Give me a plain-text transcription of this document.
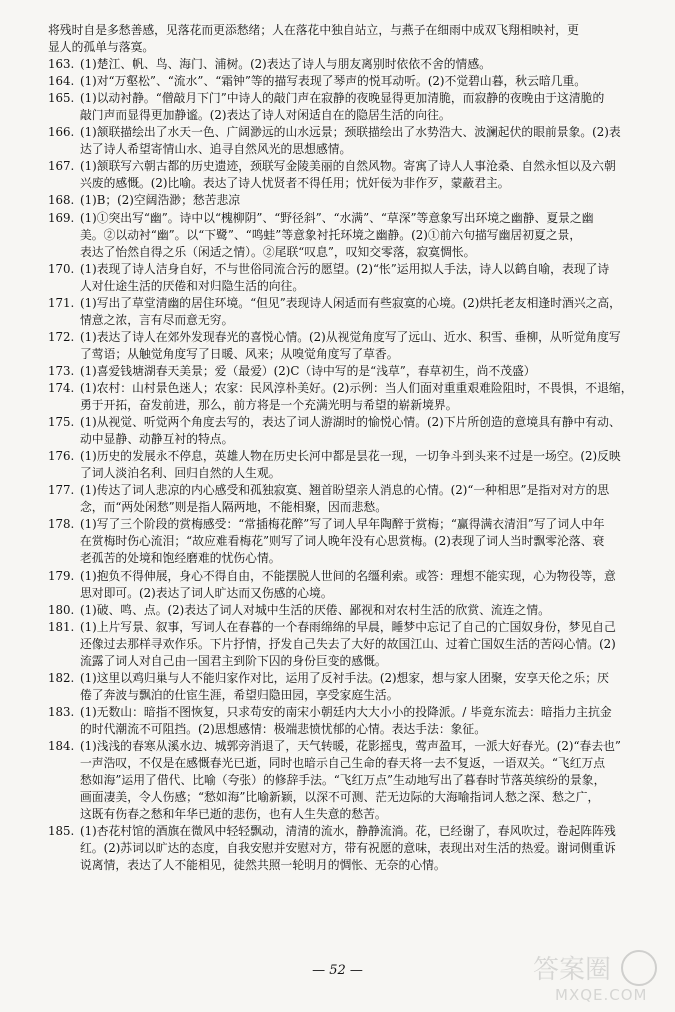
将残时自是多愁善感，见落花而更添愁绪；人在落花中独自站立，与燕子在细雨中成双飞翔相映衬，更
显人的孤单与落寞。
163. (1)楚江、帆、鸟、海门、浦树。(2)表达了诗人与朋友离别时依依不舍的情感。
164. (1)对“万壑松”、“流水”、“霜钟”等的描写表现了琴声的悦耳动听。(2)不觉碧山暮，秋云暗几重。
165. (1)以动衬静。“僧敲月下门”中诗人的敲门声在寂静的夜晚显得更加清脆，而寂静的夜晚由于这清脆的
敲门声而显得更加静谧。(2)表达了诗人对闲适自在的隐居生活的向往。
166. (1)颔联描绘出了水天一色、广阔渺远的山水远景；颈联描绘出了水势浩大、波澜起伏的眼前景象。(2)表
达了诗人希望寄情山水、追寻自然风光的思想感情。
167. (1)颔联写六朝古都的历史遗迹，颈联写金陵美丽的自然风物。寄寓了诗人人事沧桑、自然永恒以及六朝
兴废的感慨。(2)比喻。表达了诗人忧贤者不得任用；忧奸佞为非作歹，蒙蔽君主。
168. (1)B；(2)空阔浩渺；愁苦悲凉
169. (1)①突出写“幽”。诗中以“槐柳阴”、“野径斜”、“水满”、“草深”等意象写出环境之幽静、夏景之幽
美。②以动衬“幽”。以“下鹭”、“鸣蛙”等意象衬托环境之幽静。(2)①前六句描写幽居初夏之景，
表达了怡然自得之乐（闲适之情）。②尾联“叹息”，叹知交零落，寂寞惆怅。
170. (1)表现了诗人洁身自好，不与世俗同流合污的愿望。(2)“怅”运用拟人手法，诗人以鹤自喻，表现了诗
人对仕途生活的厌倦和对归隐生活的向往。
171. (1)写出了草堂清幽的居住环境。“但见”表现诗人闲适而有些寂寞的心境。(2)烘托老友相逢时酒兴之高，
情意之浓，言有尽而意无穷。
172. (1)表达了诗人在郊外发现春光的喜悦心情。(2)从视觉角度写了远山、近水、积雪、垂柳，从听觉角度写
了莺语；从触觉角度写了日暖、风来；从嗅觉角度写了草香。
173. (1)喜爱钱塘湖春天美景；爱（最爱）(2)C（诗中写的是“浅草”，春草初生，尚不茂盛）
174. (1)农村：山村景色迷人；农家：民风淳朴美好。(2)示例：当人们面对重重艰难险阻时，不畏惧，不退缩，
勇于开拓，奋发前进，那么，前方将是一个充满光明与希望的崭新境界。
175. (1)从视觉、听觉两个角度去写的，表达了词人游湖时的愉悦心情。(2)下片所创造的意境具有静中有动、
动中显静、动静互衬的特点。
176. (1)历史的发展永不停息，英雄人物在历史长河中都是昙花一现，一切争斗到头来不过是一场空。(2)反映
了词人淡泊名利、回归自然的人生观。
177. (1)传达了词人悲凉的内心感受和孤独寂寞、翘首盼望亲人消息的心情。(2)“一种相思”是指对对方的思
念，而“两处闲愁”则是指人隔两地，不能相聚，因而悲愁。
178. (1)写了三个阶段的赏梅感受：“常插梅花醉”写了词人早年陶醉于赏梅；“赢得满衣清泪”写了词人中年
在赏梅时伤心流泪；“故应难看梅花”则写了词人晚年没有心思赏梅。(2)表现了词人当时飘零沦落、衰
老孤苦的处境和饱经磨难的忧伤心情。
179. (1)抱负不得伸展，身心不得自由，不能摆脱人世间的名缰利索。或答：理想不能实现，心为物役等，意
思对即可。(2)表达了词人旷达而又伤感的心境。
180. (1)破、鸣、点。(2)表达了词人对城中生活的厌倦、鄙视和对农村生活的欣赏、流连之情。
181. (1)上片写景、叙事，写词人在春暮的一个春雨绵绵的早晨，睡梦中忘记了自己的亡国奴身份，梦见自己
还像过去那样寻欢作乐。下片抒情，抒发自己失去了大好的故国江山、过着亡国奴生活的苦闷心情。(2)
流露了词人对自己由一国君主到阶下囚的身份巨变的感慨。
182. (1)这里以鸡归巢与人不能归家作对比，运用了反衬手法。(2)想家，想与家人团聚，安享天伦之乐；厌
倦了奔波与飘泊的仕宦生涯，希望归隐田园，享受家庭生活。
183. (1)无数山：暗指不图恢复，只求苟安的南宋小朝廷内大大小小的投降派。/ 毕竟东流去：暗指力主抗金
的时代潮流不可阻挡。(2)思想感情：极端悲愤忧郁的心情。表达手法：象征。
184. (1)浅浅的春寒从溪水边、城郭旁消退了，天气转暖，花影摇曳，莺声盈耳，一派大好春光。(2)“春去也”
一声浩叹，不仅是在感慨春光已逝，同时也暗示自己生命的春天将一去不复返，一语双关。“飞红万点
愁如海”运用了借代、比喻（夸张）的修辞手法。“飞红万点”生动地写出了暮春时节落英缤纷的景象，
画面凄美，令人伤感；“愁如海”比喻新颖，以深不可测、茫无边际的大海喻指词人愁之深、愁之广，
这既有伤春之愁和年华已逝的悲伤，也有人生失意的愁苦。
185. (1)杏花村馆的酒旗在微风中轻轻飘动，清清的流水，静静流淌。花，已经谢了，春风吹过，卷起阵阵残
红。(2)苏词以旷达的态度，自我安慰并安慰对方，带有祝愿的意味，表现出对生活的热爱。谢词侧重诉
说离情，表达了人不能相见，徒然共照一轮明月的惆怅、无奈的心情。
— 52 —	答案圈
MXQE.COM
